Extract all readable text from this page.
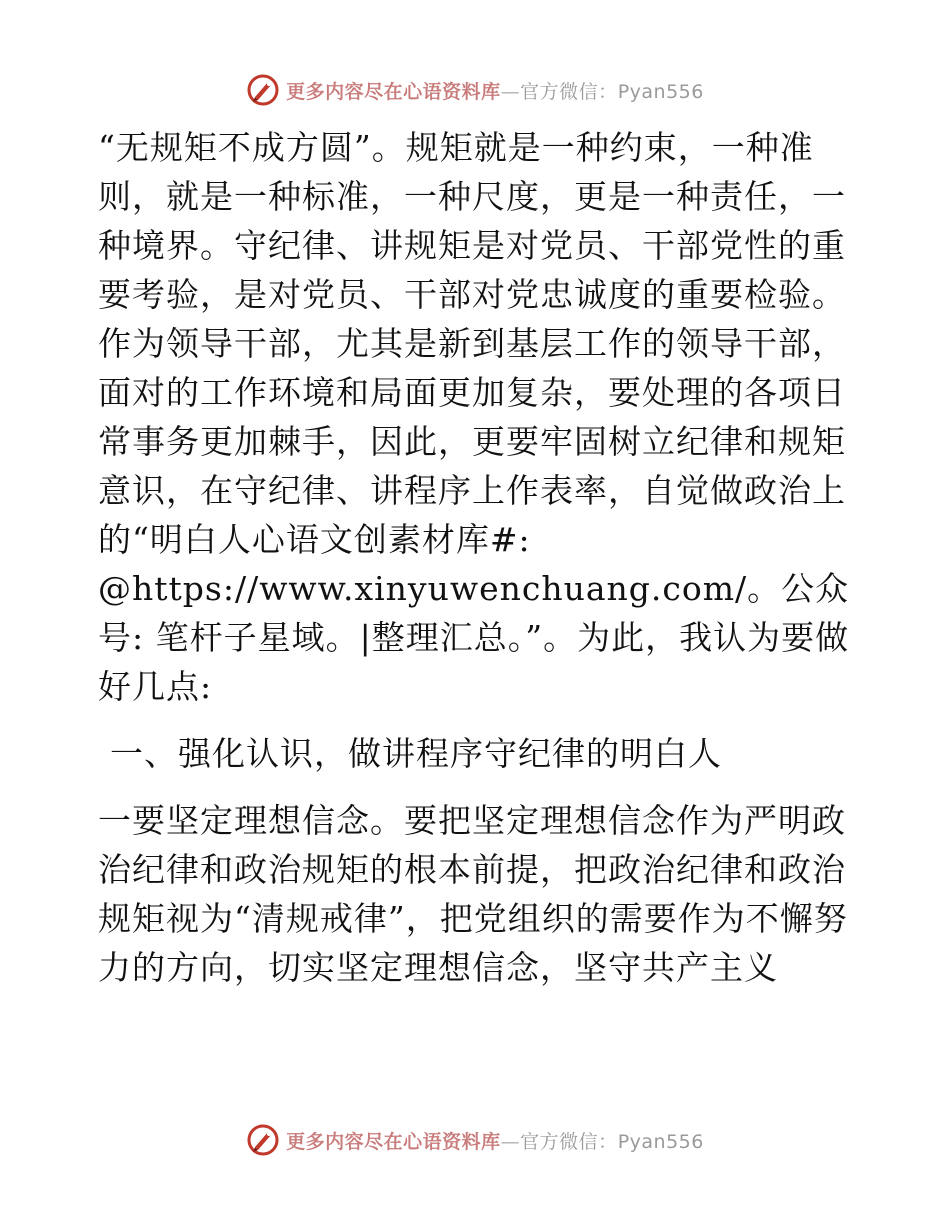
更多内容尽在心语资料库—官方微信：Pyan556

“无规矩不成方圆”。规矩就是一种约束，一种准则，就是一种标准，一种尺度，更是一种责任，一种境界。守纪律、讲规矩是对党员、干部党性的重要考验，是对党员、干部对党忠诚度的重要检验。作为领导干部，尤其是新到基层工作的领导干部，面对的工作环境和局面更加复杂，要处理的各项日常事务更加棘手，因此，更要牢固树立纪律和规矩意识，在守纪律、讲程序上作表率，自觉做政治上的“明白人心语文创素材库#: @https://www.xinyuwenchuang.com/。公众号: 笔杆子星域。|整理汇总。”。为此，我认为要做好几点:

一、强化认识，做讲程序守纪律的明白人

一要坚定理想信念。要把坚定理想信念作为严明政治纪律和政治规矩的根本前提，把政治纪律和政治规矩视为“清规戒律”，把党组织的需要作为不懈努力的方向，切实坚定理想信念，坚守共产主义

更多内容尽在心语资料库—官方微信：Pyan556
